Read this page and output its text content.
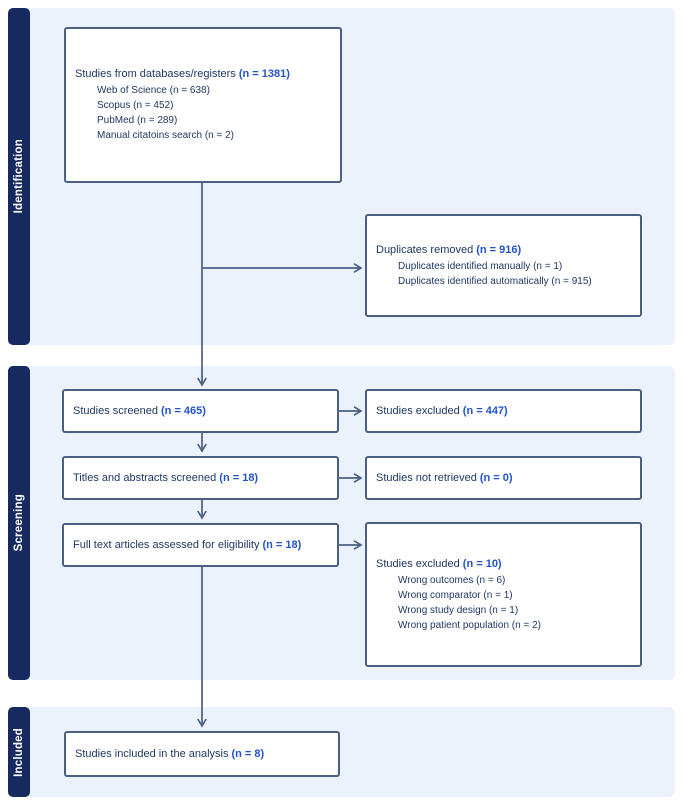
Identification
Screening
Included
Studies from databases/registers (n = 1381)
Web of Science (n = 638)
Scopus (n = 452)
PubMed (n = 289)
Manual citatoins search (n = 2)
Duplicates removed (n = 916)
Duplicates identified manually (n = 1)
Duplicates identified automatically (n = 915)
Studies screened (n = 465)	Studies excluded (n = 447)
Titles and abstracts screened (n = 18)	Studies not retrieved (n = 0)
Full text articles assessed for eligibility (n = 18)
Studies excluded (n = 10)
Wrong outcomes (n = 6)
Wrong comparator (n = 1)
Wrong study design (n = 1)
Wrong patient population (n = 2)
Studies included in the analysis (n = 8)
